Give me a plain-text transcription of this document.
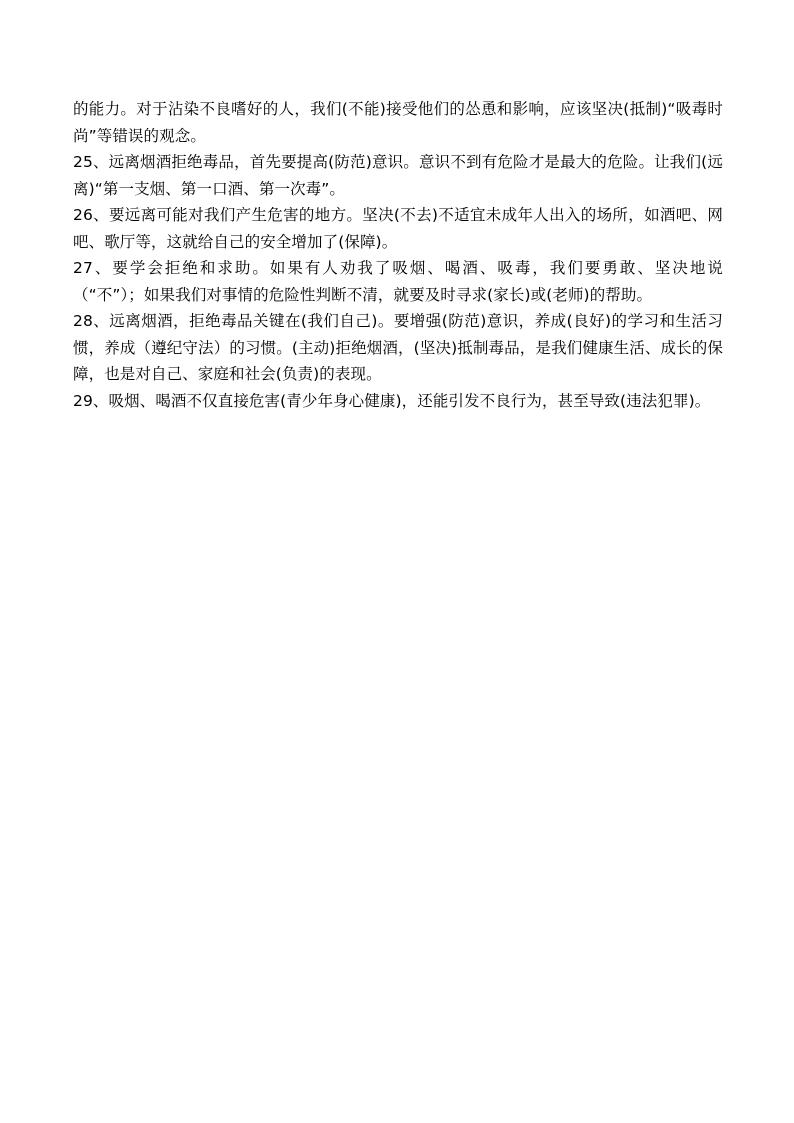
的能力。对于沾染不良嗜好的人，我们(不能)接受他们的怂恿和影响，应该坚决(抵制)“吸毒时尚”等错误的观念。

25、远离烟酒拒绝毒品，首先要提高(防范)意识。意识不到有危险才是最大的危险。让我们(远离)“第一支烟、第一口酒、第一次毒”。

26、要远离可能对我们产生危害的地方。坚决(不去)不适宜未成年人出入的场所，如酒吧、网吧、歌厅等，这就给自己的安全增加了(保障)。

27、要学会拒绝和求助。如果有人劝我了吸烟、喝酒、吸毒，我们要勇敢、坚决地说（“不”）；如果我们对事情的危险性判断不清，就要及时寻求(家长)或(老师)的帮助。

28、远离烟酒，拒绝毒品关键在(我们自己)。要增强(防范)意识，养成(良好)的学习和生活习惯，养成（遵纪守法）的习惯。(主动)拒绝烟酒，(坚决)抵制毒品，是我们健康生活、成长的保障，也是对自己、家庭和社会(负责)的表现。

29、吸烟、喝酒不仅直接危害(青少年身心健康)，还能引发不良行为，甚至导致(违法犯罪)。
